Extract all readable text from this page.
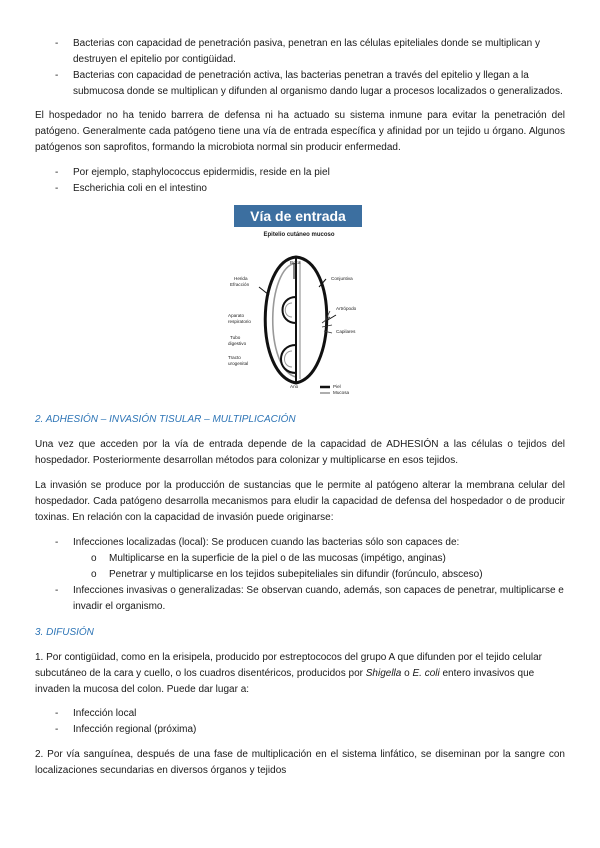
- Bacterias con capacidad de penetración pasiva, penetran en las células epiteliales donde se multiplican y

destruyen el epitelio por contigüidad.

- Bacterias con capacidad de penetración activa, las bacterias penetran a través del epitelio y llegan a la

submucosa donde se multiplican y difunden al organismo dando lugar a procesos localizados o generalizados.

El hospedador no ha tenido barrera de defensa ni ha actuado su sistema inmune para evitar la penetración del patógeno. Generalmente cada patógeno tiene una vía de entrada específica y afinidad por un tejido u órgano. Algunos patógenos son saprofitos, formando la microbiota normal sin producir enfermedad.

- Por ejemplo, staphylococcus epidermidis, reside en la piel

- Escherichia coli en el intestino

Vía de entrada
Epitelio cutáneo mucoso
Boca
Herida
Efracción
Conjuntiva
Artrópodo
Aparato
respiratorio
Capilares
Tubo
digestivo
Tracto
urogenital
Ano	Piel
Mucosa

2. ADHESIÓN – INVASIÓN TISULAR – MULTIPLICACIÓN

Una vez que acceden por la vía de entrada depende de la capacidad de ADHESIÓN a las células o tejidos del hospedador. Posteriormente desarrollan métodos para colonizar y multiplicarse en esos tejidos.

La invasión se produce por la producción de sustancias que le permite al patógeno alterar la membrana celular del hospedador. Cada patógeno desarrolla mecanismos para eludir la capacidad de defensa del hospedador o de producir toxinas. En relación con la capacidad de invasión puede originarse:

- Infecciones localizadas (local): Se producen cuando las bacterias sólo son capaces de:

o Multiplicarse en la superficie de la piel o de las mucosas (impétigo, anginas)

o Penetrar y multiplicarse en los tejidos subepiteliales sin difundir (forúnculo, absceso)

- Infecciones invasivas o generalizadas: Se observan cuando, además, son capaces de penetrar, multiplicarse e

invadir el organismo.

3. DIFUSIÓN

1. Por contigüidad, como en la erisipela, producido por estreptococos del grupo A que difunden por el tejido celular

subcutáneo de la cara y cuello, o los cuadros disentéricos, producidos por Shigella o E. coli entero invasivos que

invaden la mucosa del colon. Puede dar lugar a:

- Infección local

- Infección regional (próxima)

2. Por vía sanguínea, después de una fase de multiplicación en el sistema linfático, se diseminan por la sangre con localizaciones secundarias en diversos órganos y tejidos
